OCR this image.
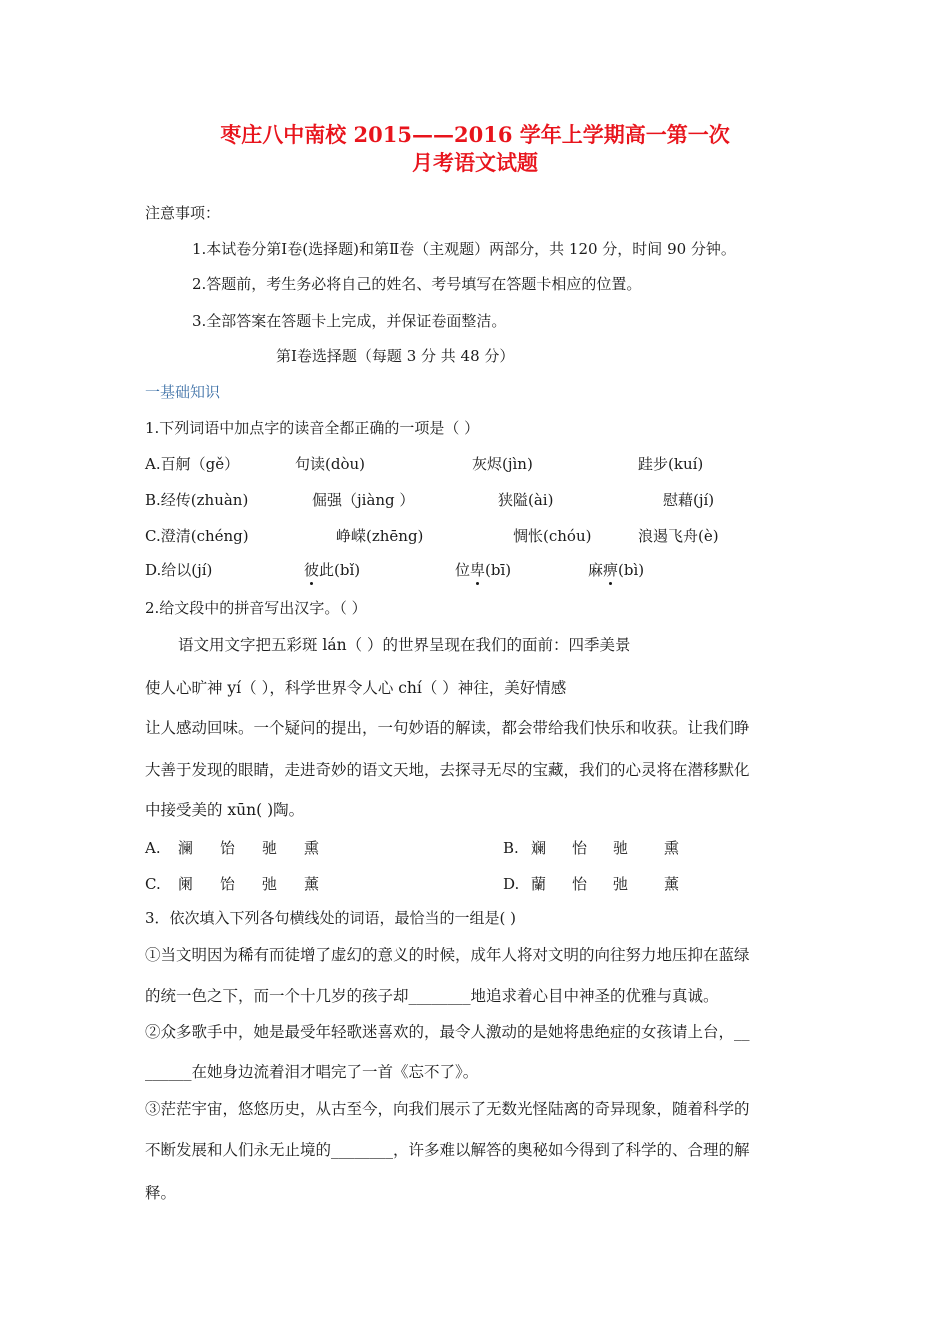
枣庄八中南校 2015——2016 学年上学期高一第一次
月考语文试题
注意事项：
1.本试卷分第Ⅰ卷(选择题)和第Ⅱ卷（主观题）两部分，共 120 分，时间 90 分钟。
2.答题前，考生务必将自己的姓名、考号填写在答题卡相应的位置。
3.全部答案在答题卡上完成，并保证卷面整洁。
第Ⅰ卷选择题（每题 3 分 共 48 分）
一基础知识
1.下列词语中加点字的读音全都正确的一项是（ ）
A.百舸（gě）	句读(dòu)	灰烬(jìn)	跬步(kuí)
B.经传(zhuàn)	倔强（jiàng ）	狭隘(ài)	慰藉(jí)
C.澄清(chéng)	峥嵘(zhēng)	惆怅(chóu)	浪遏飞舟(è)
D.给以(jí)	彼此(bǐ)	位卑(bī)	麻痹(bì)
2.给文段中的拼音写出汉字。（ ）
语文用文字把五彩斑 lán（ ）的世界呈现在我们的面前：四季美景
使人心旷神 yí（ ），科学世界令人心 chí（ ）神往，美好情感
让人感动回味。一个疑问的提出，一句妙语的解读，都会带给我们快乐和收获。让我们睁
大善于发现的眼睛，走进奇妙的语文天地，去探寻无尽的宝藏，我们的心灵将在潜移默化
中接受美的 xūn( )陶。
A. 澜 饴 驰 熏	B. 斓 怡 驰 熏
C. 阑 饴 弛 薰	D. 蘭 怡 弛 薰
3．依次填入下列各句横线处的词语，最恰当的一组是( )
①当文明因为稀有而徒增了虚幻的意义的时候，成年人将对文明的向往努力地压抑在蓝绿
的统一色之下，而一个十几岁的孩子却________地追求着心目中神圣的优雅与真诚。
②众多歌手中，她是最受年轻歌迷喜欢的，最令人激动的是她将患绝症的女孩请上台，__
______在她身边流着泪才唱完了一首《忘不了》。
③茫茫宇宙，悠悠历史，从古至今，向我们展示了无数光怪陆离的奇异现象，随着科学的
不断发展和人们永无止境的________，许多难以解答的奥秘如今得到了科学的、合理的解
释。
